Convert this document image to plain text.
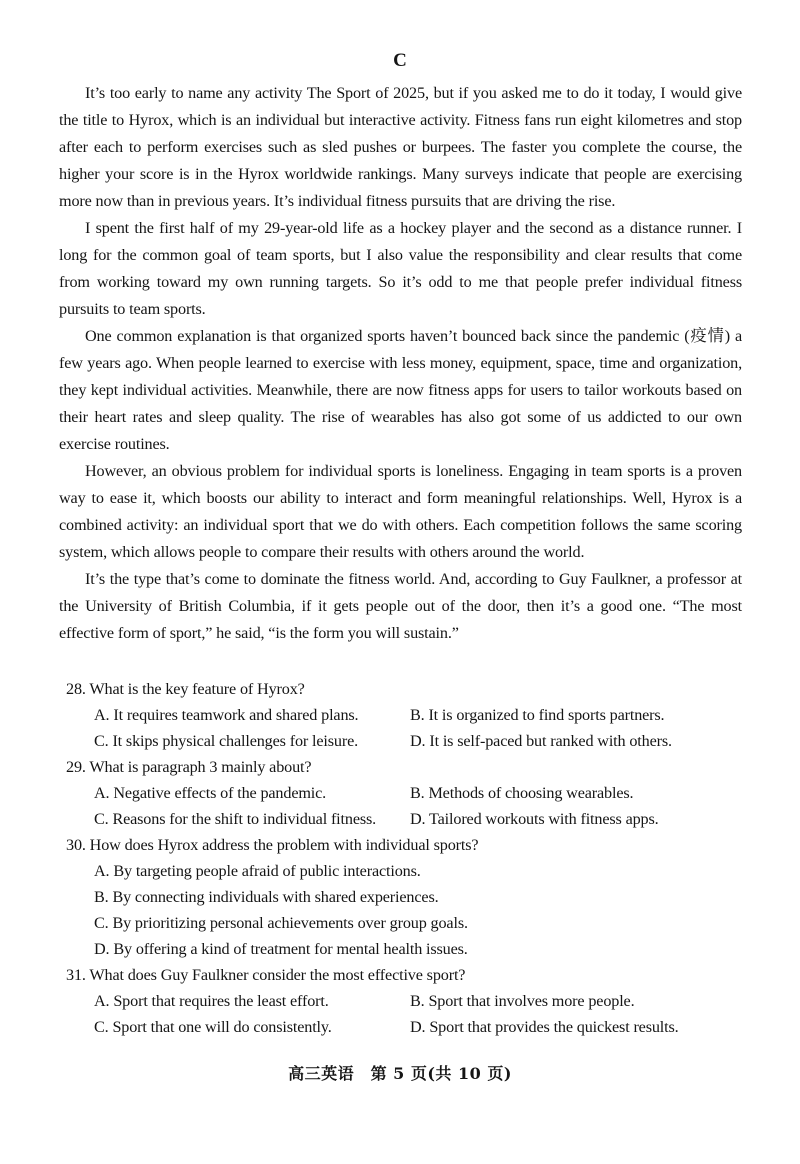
C

It’s too early to name any activity The Sport of 2025, but if you asked me to do it today, I would give the title to Hyrox, which is an individual but interactive activity. Fitness fans run eight kilometres and stop after each to perform exercises such as sled pushes or burpees. The faster you complete the course, the higher your score is in the Hyrox worldwide rankings. Many surveys indicate that people are exercising more now than in previous years. It’s individual fitness pursuits that are driving the rise.

I spent the first half of my 29-year-old life as a hockey player and the second as a distance runner. I long for the common goal of team sports, but I also value the responsibility and clear results that come from working toward my own running targets. So it’s odd to me that people prefer individual fitness pursuits to team sports.

One common explanation is that organized sports haven’t bounced back since the pandemic (疫情) a few years ago. When people learned to exercise with less money, equipment, space, time and organization, they kept individual activities. Meanwhile, there are now fitness apps for users to tailor workouts based on their heart rates and sleep quality. The rise of wearables has also got some of us addicted to our own exercise routines.

However, an obvious problem for individual sports is loneliness. Engaging in team sports is a proven way to ease it, which boosts our ability to interact and form meaningful relationships. Well, Hyrox is a combined activity: an individual sport that we do with others. Each competition follows the same scoring system, which allows people to compare their results with others around the world.

It’s the type that’s come to dominate the fitness world. And, according to Guy Faulkner, a professor at the University of British Columbia, if it gets people out of the door, then it’s a good one. “The most effective form of sport,” he said, “is the form you will sustain.”

28. What is the key feature of Hyrox?
A. It requires teamwork and shared plans.	B. It is organized to find sports partners.
C. It skips physical challenges for leisure.	D. It is self-paced but ranked with others.
29. What is paragraph 3 mainly about?
A. Negative effects of the pandemic.	B. Methods of choosing wearables.
C. Reasons for the shift to individual fitness.	D. Tailored workouts with fitness apps.
30. How does Hyrox address the problem with individual sports?
A. By targeting people afraid of public interactions.
B. By connecting individuals with shared experiences.
C. By prioritizing personal achievements over group goals.
D. By offering a kind of treatment for mental health issues.
31. What does Guy Faulkner consider the most effective sport?
A. Sport that requires the least effort.	B. Sport that involves more people.
C. Sport that one will do consistently.	D. Sport that provides the quickest results.
高三英语　第 5 页(共 10 页)
